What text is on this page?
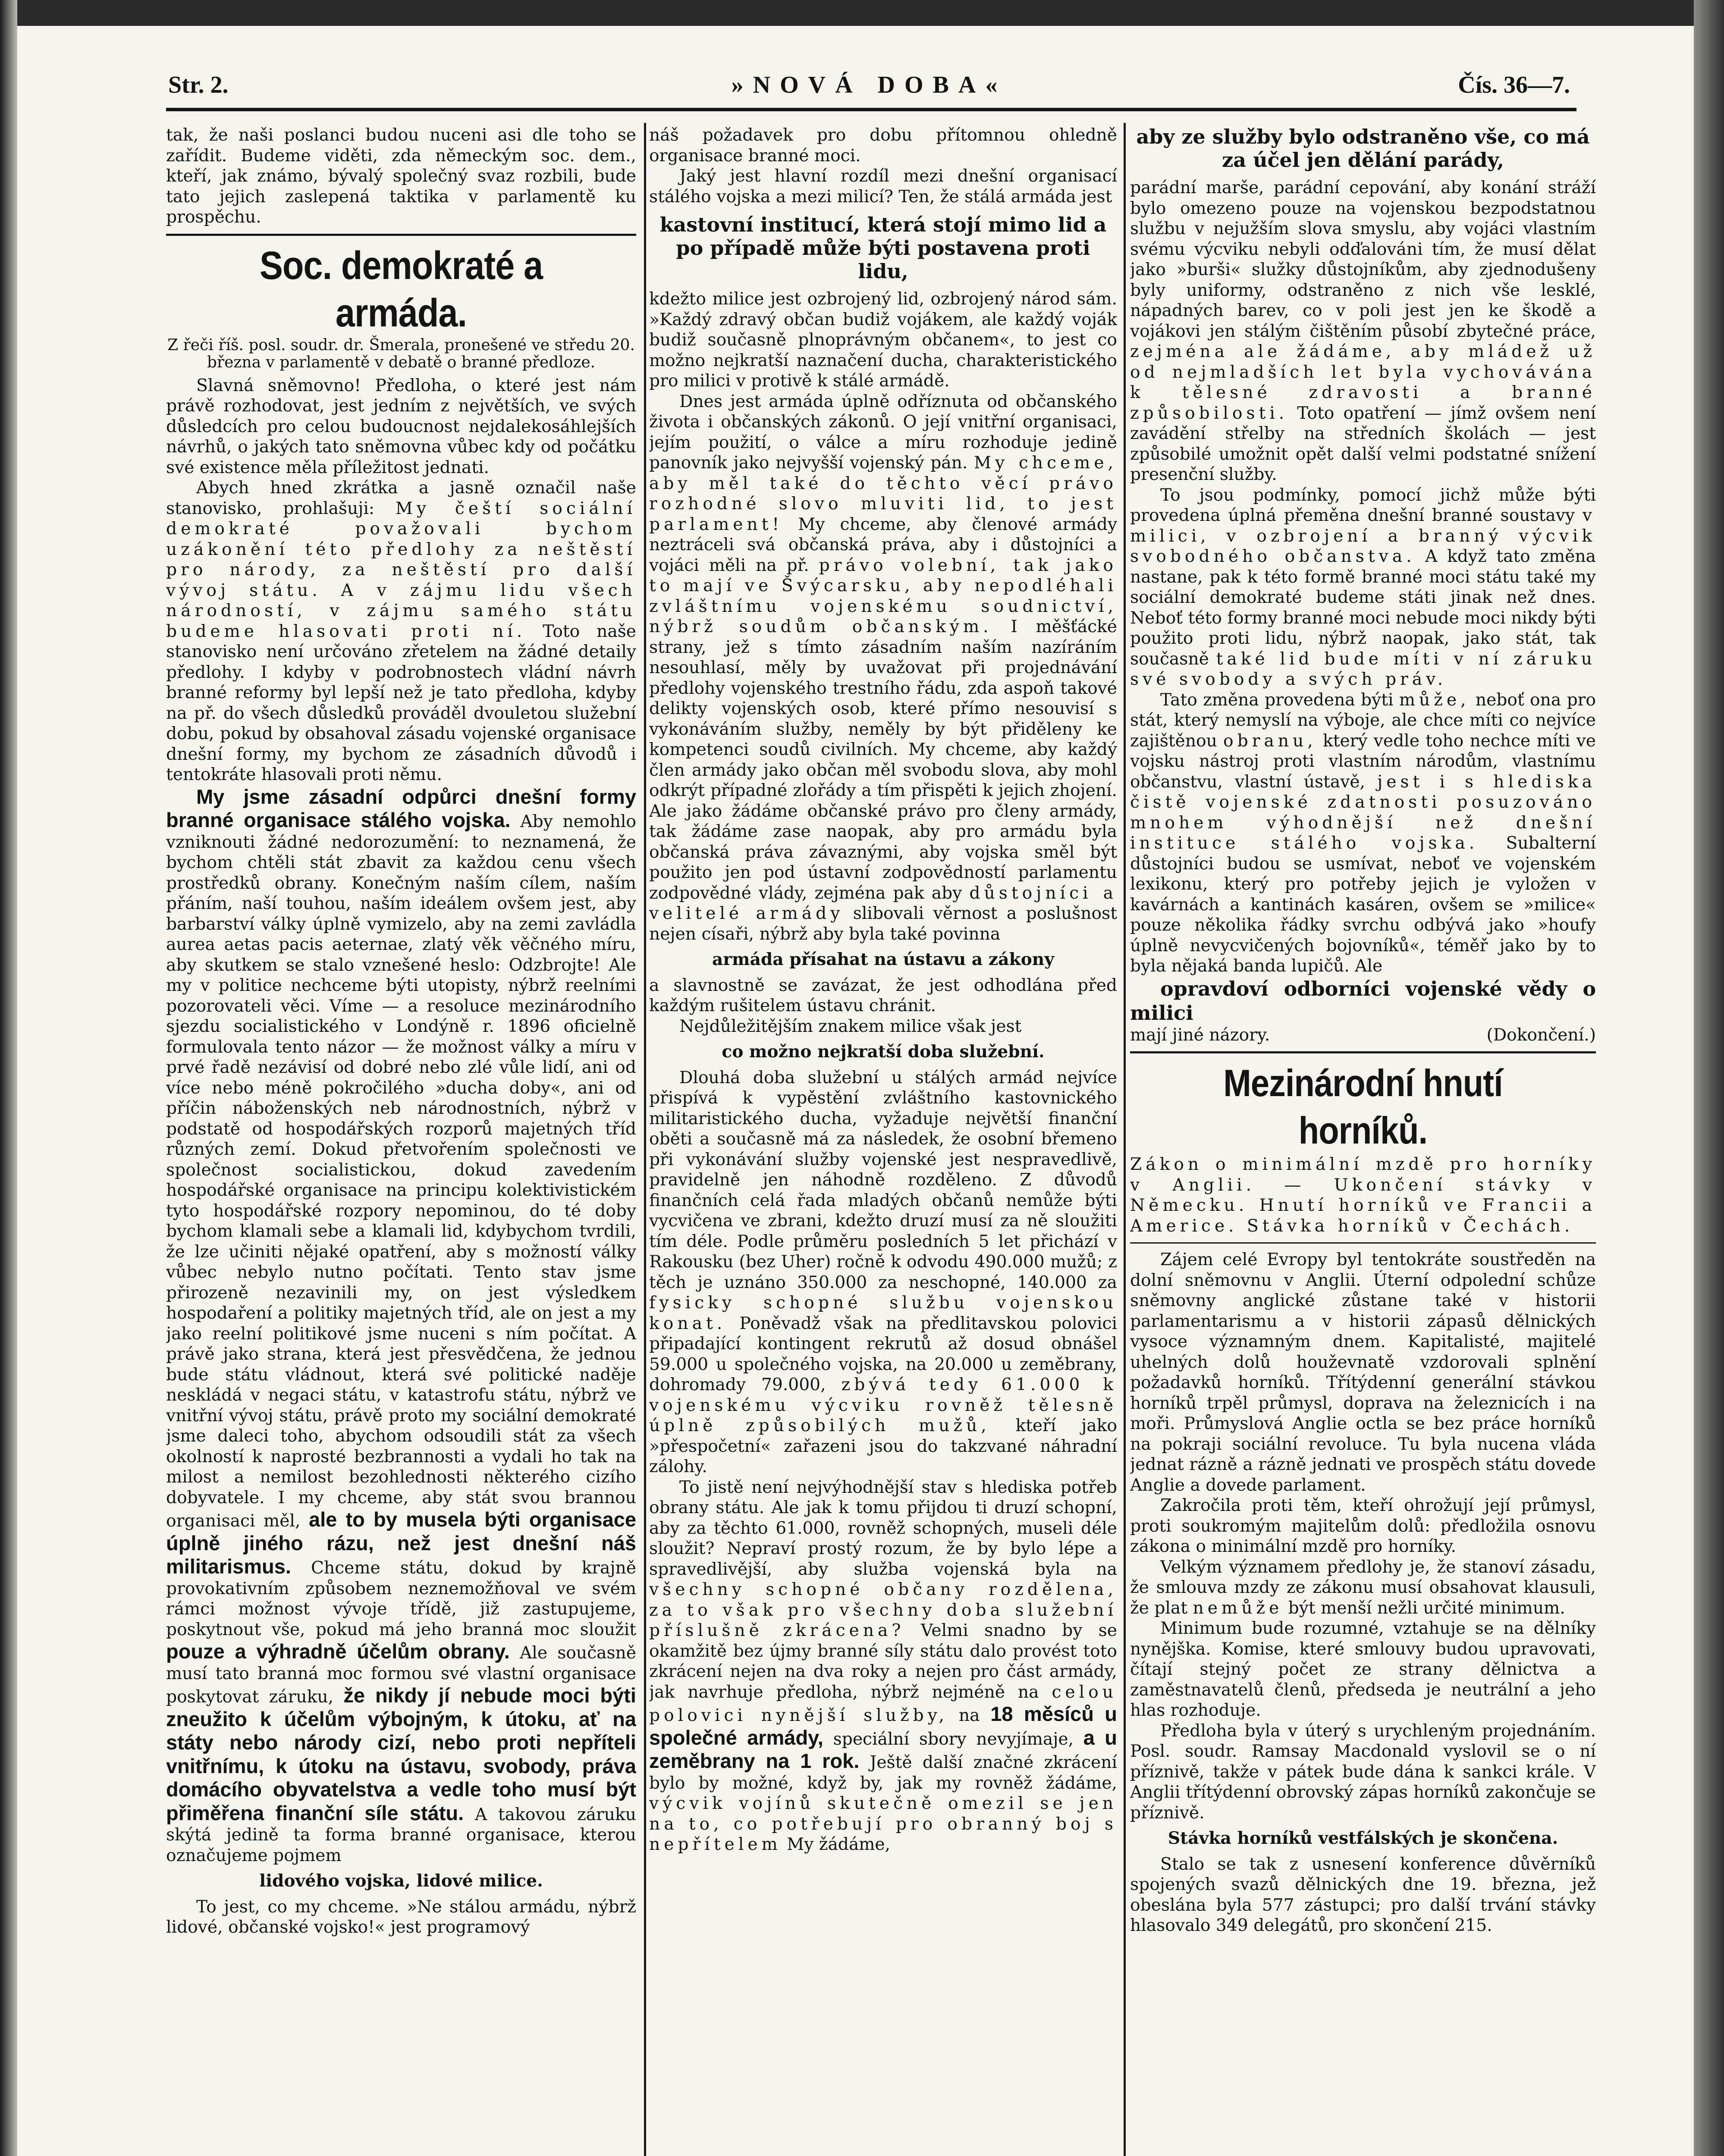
Str. 2.	»NOVÁ DOBA«	Čís. 36—7.

tak, že naši poslanci budou nuceni asi dle toho se zařídit. Budeme viděti, zda německým soc. dem., kteří, jak známo, bývalý společný svaz rozbili, bude tato jejich zaslepená taktika v parlamentě ku prospěchu.

Soc. demokraté a armáda.
Z řeči říš. posl. soudr. dr. Šmerala, pronešené ve středu 20. března v parlamentě v debatě o branné předloze.

Slavná sněmovno! Předloha, o které jest nám právě rozhodovat, jest jedním z největších, ve svých důsledcích pro celou budoucnost nejdalekosáhlejších návrhů, o jakých tato sněmovna vůbec kdy od počátku své existence měla příležitost jednati.

Abych hned zkrátka a jasně označil naše stanovisko, prohlašuji: My čeští sociální demokraté považovali bychom uzákonění této předlohy za neštěstí pro národy, za neštěstí pro další vývoj státu. A v zájmu lidu všech národností, v zájmu samého státu budeme hlasovati proti ní. Toto naše stanovisko není určováno zřetelem na žádné detaily předlohy. I kdyby v podrobnostech vládní návrh branné reformy byl lepší než je tato předloha, kdyby na př. do všech důsledků prováděl dvouletou služební dobu, pokud by obsahoval zásadu vojenské organisace dnešní formy, my bychom ze zásadních důvodů i tentokráte hlasovali proti němu.

My jsme zásadní odpůrci dnešní formy branné organisace stálého vojska. Aby nemohlo vzniknouti žádné nedorozumění: to neznamená, že bychom chtěli stát zbavit za každou cenu všech prostředků obrany. Konečným naším cílem, naším přáním, naší touhou, naším ideálem ovšem jest, aby barbarství války úplně vymizelo, aby na zemi zavládla aurea aetas pacis aeternae, zlatý věk věčného míru, aby skutkem se stalo vznešené heslo: Odzbrojte! Ale my v politice nechceme býti utopisty, nýbrž reelními pozorovateli věci. Víme — a resoluce mezinárodního sjezdu socialistického v Londýně r. 1896 oficielně formulovala tento názor — že možnost války a míru v prvé řadě nezávisí od dobré nebo zlé vůle lidí, ani od více nebo méně pokročilého »ducha doby«, ani od příčin náboženských neb národnostních, nýbrž v podstatě od hospodářských rozporů majetných tříd různých zemí. Dokud přetvořením společnosti ve společnost socialistickou, dokud zavedením hospodářské organisace na principu kolektivistickém tyto hospodářské rozpory nepominou, do té doby bychom klamali sebe a klamali lid, kdybychom tvrdili, že lze učiniti nějaké opatření, aby s možností války vůbec nebylo nutno počítati. Tento stav jsme přirozeně nezavinili my, on jest výsledkem hospodaření a politiky majetných tříd, ale on jest a my jako reelní politikové jsme nuceni s ním počítat. A právě jako strana, která jest přesvědčena, že jednou bude státu vládnout, která své politické naděje neskládá v negaci státu, v katastrofu státu, nýbrž ve vnitřní vývoj státu, právě proto my sociální demokraté jsme daleci toho, abychom odsoudili stát za všech okolností k naprosté bezbrannosti a vydali ho tak na milost a nemilost bezohlednosti některého cizího dobyvatele. I my chceme, aby stát svou brannou organisaci měl, ale to by musela býti organisace úplně jiného rázu, než jest dnešní náš militarismus. Chceme státu, dokud by krajně provokativním způsobem neznemožňoval ve svém rámci možnost vývoje třídě, již zastupujeme, poskytnout vše, pokud má jeho branná moc sloužit pouze a výhradně účelům obrany. Ale současně musí tato branná moc formou své vlastní organisace poskytovat záruku, že nikdy jí nebude moci býti zneužito k účelům výbojným, k útoku, ať na státy nebo národy cizí, nebo proti nepříteli vnitřnímu, k útoku na ústavu, svobody, práva domácího obyvatelstva a vedle toho musí být přiměřena finanční síle státu. A takovou záruku skýtá jedině ta forma branné organisace, kterou označujeme pojmem

lidového vojska, lidové milice.

To jest, co my chceme. »Ne stálou armádu, nýbrž lidové, občanské vojsko!« jest programový

náš požadavek pro dobu přítomnou ohledně organisace branné moci.

Jaký jest hlavní rozdíl mezi dnešní organisací stálého vojska a mezi milicí? Ten, že stálá armáda jest

kastovní institucí, která stojí mimo lid a po případě může býti postavena proti lidu,

kdežto milice jest ozbrojený lid, ozbrojený národ sám. »Každý zdravý občan budiž vojákem, ale každý voják budiž současně plnoprávným občanem«, to jest co možno nejkratší naznačení ducha, charakteristického pro milici v protivě k stálé armádě.

Dnes jest armáda úplně odříznuta od občanského života i občanských zákonů. O její vnitřní organisaci, jejím použití, o válce a míru rozhoduje jedině panovník jako nejvyšší vojenský pán. My chceme, aby měl také do těchto věcí právo rozhodné slovo mluviti lid, to jest parlament! My chceme, aby členové armády neztráceli svá občanská práva, aby i důstojníci a vojáci měli na př. právo volební, tak jako to mají ve Švýcarsku, aby nepodléhali zvláštnímu vojenskému soudnictví, nýbrž soudům občanským. I měšťácké strany, jež s tímto zásadním naším nazíráním nesouhlasí, měly by uvažovat při projednávání předlohy vojenského trestního řádu, zda aspoň takové delikty vojenských osob, které přímo nesouvisí s vykonáváním služby, neměly by být přiděleny ke kompetenci soudů civilních. My chceme, aby každý člen armády jako občan měl svobodu slova, aby mohl odkrýt případné zlořády a tím přispěti k jejich zhojení. Ale jako žádáme občanské právo pro členy armády, tak žádáme zase naopak, aby pro armádu byla občanská práva závaznými, aby vojska směl být použito jen pod ústavní zodpovědností parlamentu zodpovědné vlády, zejména pak aby důstojníci a velitelé armády slibovali věrnost a poslušnost nejen císaři, nýbrž aby byla také povinna

armáda přísahat na ústavu a zákony

a slavnostně se zavázat, že jest odhodlána před každým rušitelem ústavu chránit.

Nejdůležitějším znakem milice však jest

co možno nejkratší doba služební.

Dlouhá doba služební u stálých armád nejvíce přispívá k vypěstění zvláštního kastovnického militaristického ducha, vyžaduje největší finanční oběti a současně má za následek, že osobní břemeno při vykonávání služby vojenské jest nespravedlivě, pravidelně jen náhodně rozděleno. Z důvodů finančních celá řada mladých občanů nemůže býti vycvičena ve zbrani, kdežto druzí musí za ně sloužiti tím déle. Podle průměru posledních 5 let přichází v Rakousku (bez Uher) ročně k odvodu 490.000 mužů; z těch je uznáno 350.000 za neschopné, 140.000 za fysicky schopné službu vojenskou konat. Poněvadž však na předlitavskou polovici připadající kontingent rekrutů až dosud obnášel 59.000 u společného vojska, na 20.000 u zeměbrany, dohromady 79.000, zbývá tedy 61.000 k vojenskému výcviku rovněž tělesně úplně způsobilých mužů, kteří jako »přespočetní« zařazeni jsou do takzvané náhradní zálohy.

To jistě není nejvýhodnější stav s hlediska potřeb obrany státu. Ale jak k tomu přijdou ti druzí schopní, aby za těchto 61.000, rovněž schopných, museli déle sloužit? Nepraví prostý rozum, že by bylo lépe a spravedlivější, aby služba vojenská byla na všechny schopné občany rozdělena, za to však pro všechny doba služební příslušně zkrácena? Velmi snadno by se okamžitě bez újmy branné síly státu dalo provést toto zkrácení nejen na dva roky a nejen pro část armády, jak navrhuje předloha, nýbrž nejméně na celou polovici nynější služby, na 18 měsíců u společné armády, speciální sbory nevyjímaje, a u zeměbrany na 1 rok. Ještě další značné zkrácení bylo by možné, když by, jak my rovněž žádáme, výcvik vojínů skutečně omezil se jen na to, co potřebují pro obranný boj s nepřítelem My žádáme,

aby ze služby bylo odstraněno vše, co má za účel jen dělání parády,

parádní marše, parádní cepování, aby konání stráží bylo omezeno pouze na vojenskou bezpodstatnou službu v nejužším slova smyslu, aby vojáci vlastním svému výcviku nebyli odďalováni tím, že musí dělat jako »burši« služky důstojníkům, aby zjednodušeny byly uniformy, odstraněno z nich vše lesklé, nápadných barev, co v poli jest jen ke škodě a vojákovi jen stálým čištěním působí zbytečné práce, zejména ale žádáme, aby mládež už od nejmladších let byla vychovávána k tělesné zdravosti a branné způsobilosti. Toto opatření — jímž ovšem není zavádění střelby na středních školách — jest způsobilé umožnit opět další velmi podstatné snížení presenční služby.

To jsou podmínky, pomocí jichž může býti provedena úplná přeměna dnešní branné soustavy v milici, v ozbrojení a branný výcvik svobodného občanstva. A když tato změna nastane, pak k této formě branné moci státu také my sociální demokraté budeme státi jinak než dnes. Neboť této formy branné moci nebude moci nikdy býti použito proti lidu, nýbrž naopak, jako stát, tak současně také lid bude míti v ní záruku své svobody a svých práv.

Tato změna provedena býti může, neboť ona pro stát, který nemyslí na výboje, ale chce míti co nejvíce zajištěnou obranu, který vedle toho nechce míti ve vojsku nástroj proti vlastním národům, vlastnímu občanstvu, vlastní ústavě, jest i s hlediska čistě vojenské zdatnosti posuzováno mnohem výhodnější než dnešní instituce stálého vojska. Subalterní důstojníci budou se usmívat, neboť ve vojenském lexikonu, který pro potřeby jejich je vyložen v kavárnách a kantinách kasáren, ovšem se »milice« pouze několika řádky svrchu odbývá jako »houfy úplně nevycvičených bojovníků«, téměř jako by to byla nějaká banda lupičů. Ale

opravdoví odborníci vojenské vědy o milici

mají jiné názory.	(Dokončení.)

Mezinárodní hnutí horníků.

Zákon o minimální mzdě pro horníky v Anglii. — Ukončení stávky v Německu. Hnutí horníků ve Francii a Americe. Stávka horníků v Čechách.

Zájem celé Evropy byl tentokráte soustředěn na dolní sněmovnu v Anglii. Úterní odpolední schůze sněmovny anglické zůstane také v historii parlamentarismu a v historii zápasů dělnických vysoce významným dnem. Kapitalisté, majitelé uhelných dolů houževnatě vzdorovali splnění požadavků horníků. Třítýdenní generální stávkou horníků trpěl průmysl, doprava na železnicích i na moři. Průmyslová Anglie octla se bez práce horníků na pokraji sociální revoluce. Tu byla nucena vláda jednat rázně a rázně jednati ve prospěch státu dovede Anglie a dovede parlament.

Zakročila proti těm, kteří ohrožují její průmysl, proti soukromým majitelům dolů: předložila osnovu zákona o minimální mzdě pro horníky.

Velkým významem předlohy je, že stanoví zásadu, že smlouva mzdy ze zákonu musí obsahovat klausuli, že plat nemůže být menší nežli určité minimum.

Minimum bude rozumné, vztahuje se na dělníky nynějška. Komise, které smlouvy budou upravovati, čítají stejný počet ze strany dělnictva a zaměstnavatelů členů, předseda je neutrální a jeho hlas rozhoduje.

Předloha byla v úterý s urychleným projednáním. Posl. soudr. Ramsay Macdonald vyslovil se o ní příznivě, takže v pátek bude dána k sankci krále. V Anglii třítýdenní obrovský zápas horníků zakončuje se příznivě.

Stávka horníků vestfálských je skončena.

Stalo se tak z usnesení konference důvěrníků spojených svazů dělnických dne 19. března, jež obeslána byla 577 zástupci; pro další trvání stávky hlasovalo 349 delegátů, pro skončení 215.
